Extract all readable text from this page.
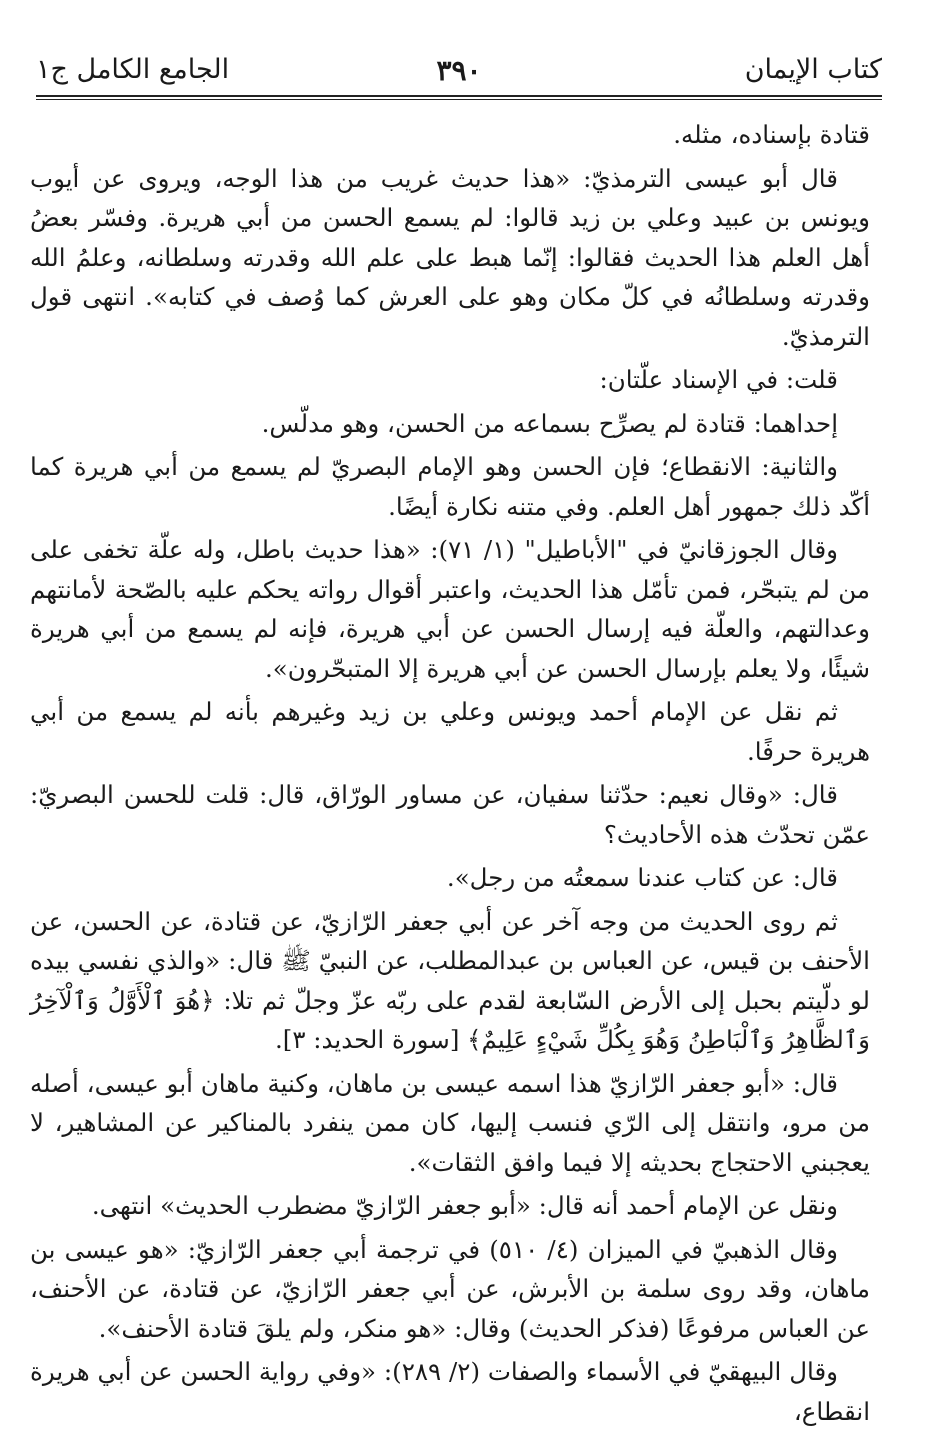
كتاب الإيمان
٣٩٠
الجامع الكامل ج١

قتادة بإسناده، مثله.

قال أبو عيسى الترمذيّ: «هذا حديث غريب من هذا الوجه، ويروى عن أيوب ويونس بن عبيد وعلي بن زيد قالوا: لم يسمع الحسن من أبي هريرة. وفسّر بعضُ أهل العلم هذا الحديث فقالوا: إنّما هبط على علم الله وقدرته وسلطانه، وعلمُ الله وقدرته وسلطانُه في كلّ مكان وهو على العرش كما وُصف في كتابه». انتهى قول الترمذيّ.

قلت: في الإسناد علّتان:

إحداهما: قتادة لم يصرِّح بسماعه من الحسن، وهو مدلّس.

والثانية: الانقطاع؛ فإن الحسن وهو الإمام البصريّ لم يسمع من أبي هريرة كما أكّد ذلك جمهور أهل العلم. وفي متنه نكارة أيضًا.

وقال الجوزقانيّ في "الأباطيل" (١/ ٧١): «هذا حديث باطل، وله علّة تخفى على من لم يتبحّر، فمن تأمّل هذا الحديث، واعتبر أقوال رواته يحكم عليه بالصّحة لأمانتهم وعدالتهم، والعلّة فيه إرسال الحسن عن أبي هريرة، فإنه لم يسمع من أبي هريرة شيئًا، ولا يعلم بإرسال الحسن عن أبي هريرة إلا المتبحّرون».

ثم نقل عن الإمام أحمد ويونس وعلي بن زيد وغيرهم بأنه لم يسمع من أبي هريرة حرفًا.

قال: «وقال نعيم: حدّثنا سفيان، عن مساور الورّاق، قال: قلت للحسن البصريّ: عمّن تحدّث هذه الأحاديث؟

قال: عن كتاب عندنا سمعتُه من رجل».

ثم روى الحديث من وجه آخر عن أبي جعفر الرّازيّ، عن قتادة، عن الحسن، عن الأحنف بن قيس، عن العباس بن عبدالمطلب، عن النبيّ ﷺ قال: «والذي نفسي بيده لو دلّيتم بحبل إلى الأرض السّابعة لقدم على ربّه عزّ وجلّ ثم تلا: ﴿هُوَ ٱلْأَوَّلُ وَٱلْآخِرُ وَٱلظَّاهِرُ وَٱلْبَاطِنُ وَهُوَ بِكُلِّ شَيْءٍ عَلِيمٌ﴾ [سورة الحديد: ٣].

قال: «أبو جعفر الرّازيّ هذا اسمه عيسى بن ماهان، وكنية ماهان أبو عيسى، أصله من مرو، وانتقل إلى الرّي فنسب إليها، كان ممن ينفرد بالمناكير عن المشاهير، لا يعجبني الاحتجاج بحديثه إلا فيما وافق الثقات».

ونقل عن الإمام أحمد أنه قال: «أبو جعفر الرّازيّ مضطرب الحديث» انتهى.

وقال الذهبيّ في الميزان (٤/ ٥١٠) في ترجمة أبي جعفر الرّازيّ: «هو عيسى بن ماهان، وقد روى سلمة بن الأبرش، عن أبي جعفر الرّازيّ، عن قتادة، عن الأحنف، عن العباس مرفوعًا (فذكر الحديث) وقال: «هو منكر، ولم يلقَ قتادة الأحنف».

وقال البيهقيّ في الأسماء والصفات (٢/ ٢٨٩): «وفي رواية الحسن عن أبي هريرة انقطاع،
